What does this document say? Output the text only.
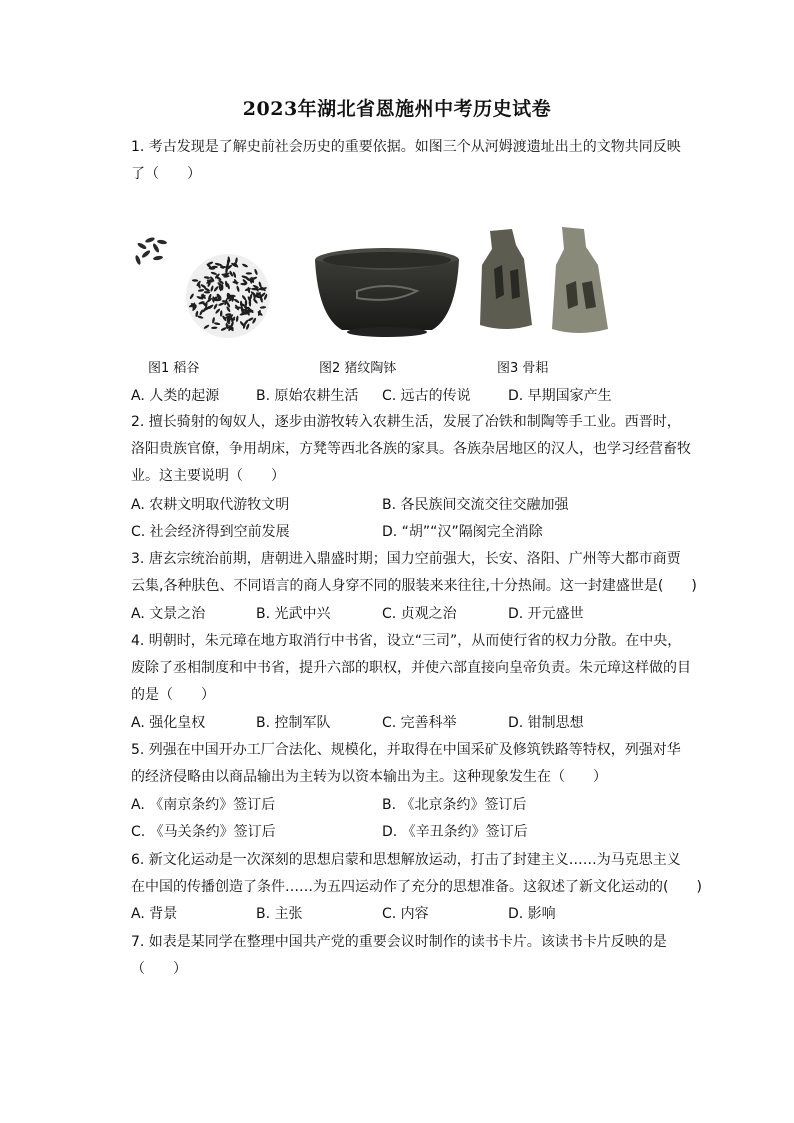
2023年湖北省恩施州中考历史试卷
1. 考古发现是了解史前社会历史的重要依据。如图三个从河姆渡遗址出土的文物共同反映
了（　　）
图1 稻谷	图2 猪纹陶钵	图3 骨耜
A. 人类的起源	B. 原始农耕生活 C. 远古的传说	D. 早期国家产生
2. 擅长骑射的匈奴人，逐步由游牧转入农耕生活，发展了冶铁和制陶等手工业。西晋时，
洛阳贵族官僚，争用胡床，方凳等西北各族的家具。各族杂居地区的汉人，也学习经营畜牧
业。这主要说明（　　）
A. 农耕文明取代游牧文明	B. 各民族间交流交往交融加强
C. 社会经济得到空前发展	D. “胡”“汉”隔阂完全消除
3. 唐玄宗统治前期，唐朝进入鼎盛时期；国力空前强大，长安、洛阳、广州等大都市商贾
云集,各种肤色、不同语言的商人身穿不同的服装来来往往,十分热闹。这一封建盛世是(　　)
A. 文景之治	B. 光武中兴	C. 贞观之治	D. 开元盛世
4. 明朝时，朱元璋在地方取消行中书省，设立“三司”，从而使行省的权力分散。在中央，
废除了丞相制度和中书省，提升六部的职权，并使六部直接向皇帝负责。朱元璋这样做的目
的是（　　）
A. 强化皇权	B. 控制军队	C. 完善科举	D. 钳制思想
5. 列强在中国开办工厂合法化、规模化，并取得在中国采矿及修筑铁路等特权，列强对华
的经济侵略由以商品输出为主转为以资本输出为主。这种现象发生在（　　）
A. 《南京条约》签订后	B. 《北京条约》签订后
C. 《马关条约》签订后	D. 《辛丑条约》签订后
6. 新文化运动是一次深刻的思想启蒙和思想解放运动，打击了封建主义……为马克思主义
在中国的传播创造了条件……为五四运动作了充分的思想准备。这叙述了新文化运动的(　　)
A. 背景	B. 主张	C. 内容	D. 影响
7. 如表是某同学在整理中国共产党的重要会议时制作的读书卡片。该读书卡片反映的是
（　　）
